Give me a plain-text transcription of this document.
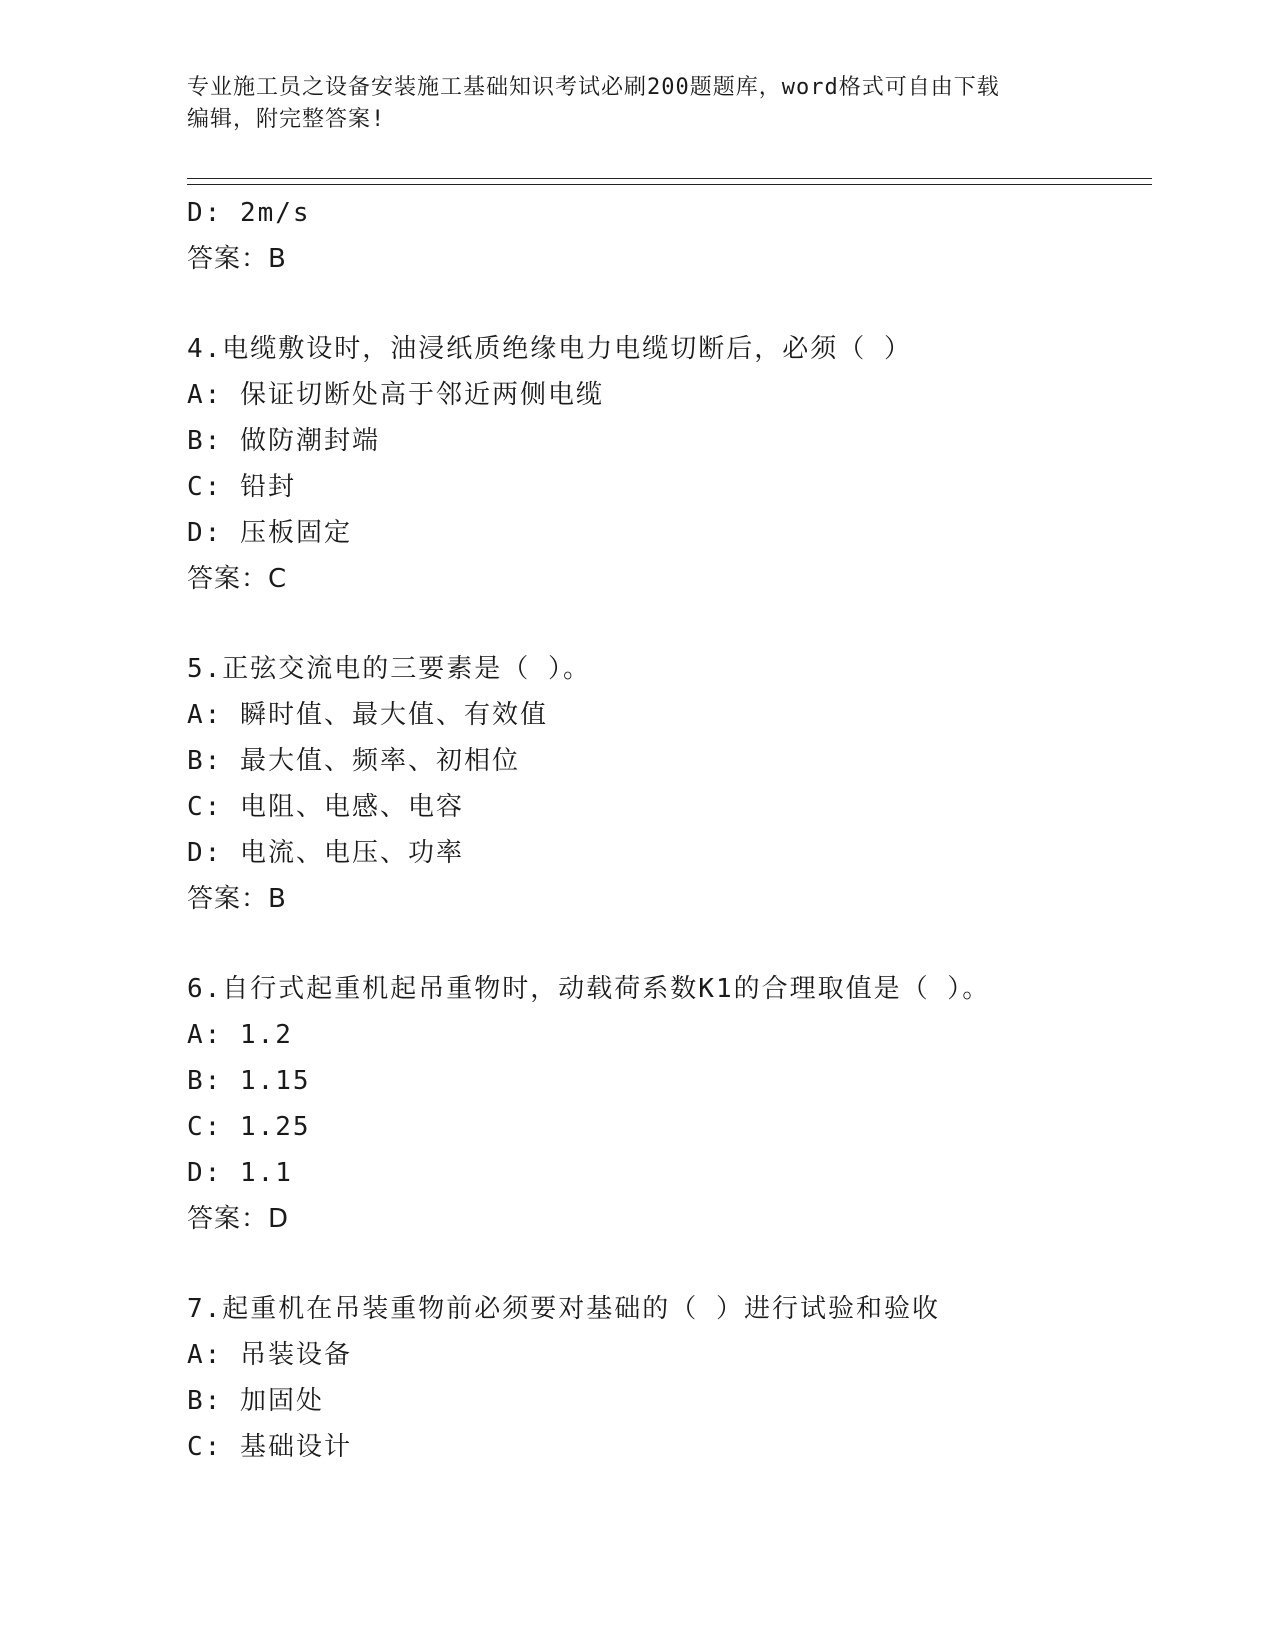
专业施工员之设备安装施工基础知识考试必刷200题题库，word格式可自由下载
编辑，附完整答案!
D: 2m/s
答案：B
4.电缆敷设时，油浸纸质绝缘电力电缆切断后，必须（ ）
A: 保证切断处高于邻近两侧电缆
B: 做防潮封端
C: 铅封
D: 压板固定
答案：C
5.正弦交流电的三要素是（ ）。
A: 瞬时值、最大值、有效值
B: 最大值、频率、初相位
C: 电阻、电感、电容
D: 电流、电压、功率
答案：B
6.自行式起重机起吊重物时，动载荷系数K1的合理取值是（ ）。
A: 1.2
B: 1.15
C: 1.25
D: 1.1
答案：D
7.起重机在吊装重物前必须要对基础的（ ）进行试验和验收
A: 吊装设备
B: 加固处
C: 基础设计
